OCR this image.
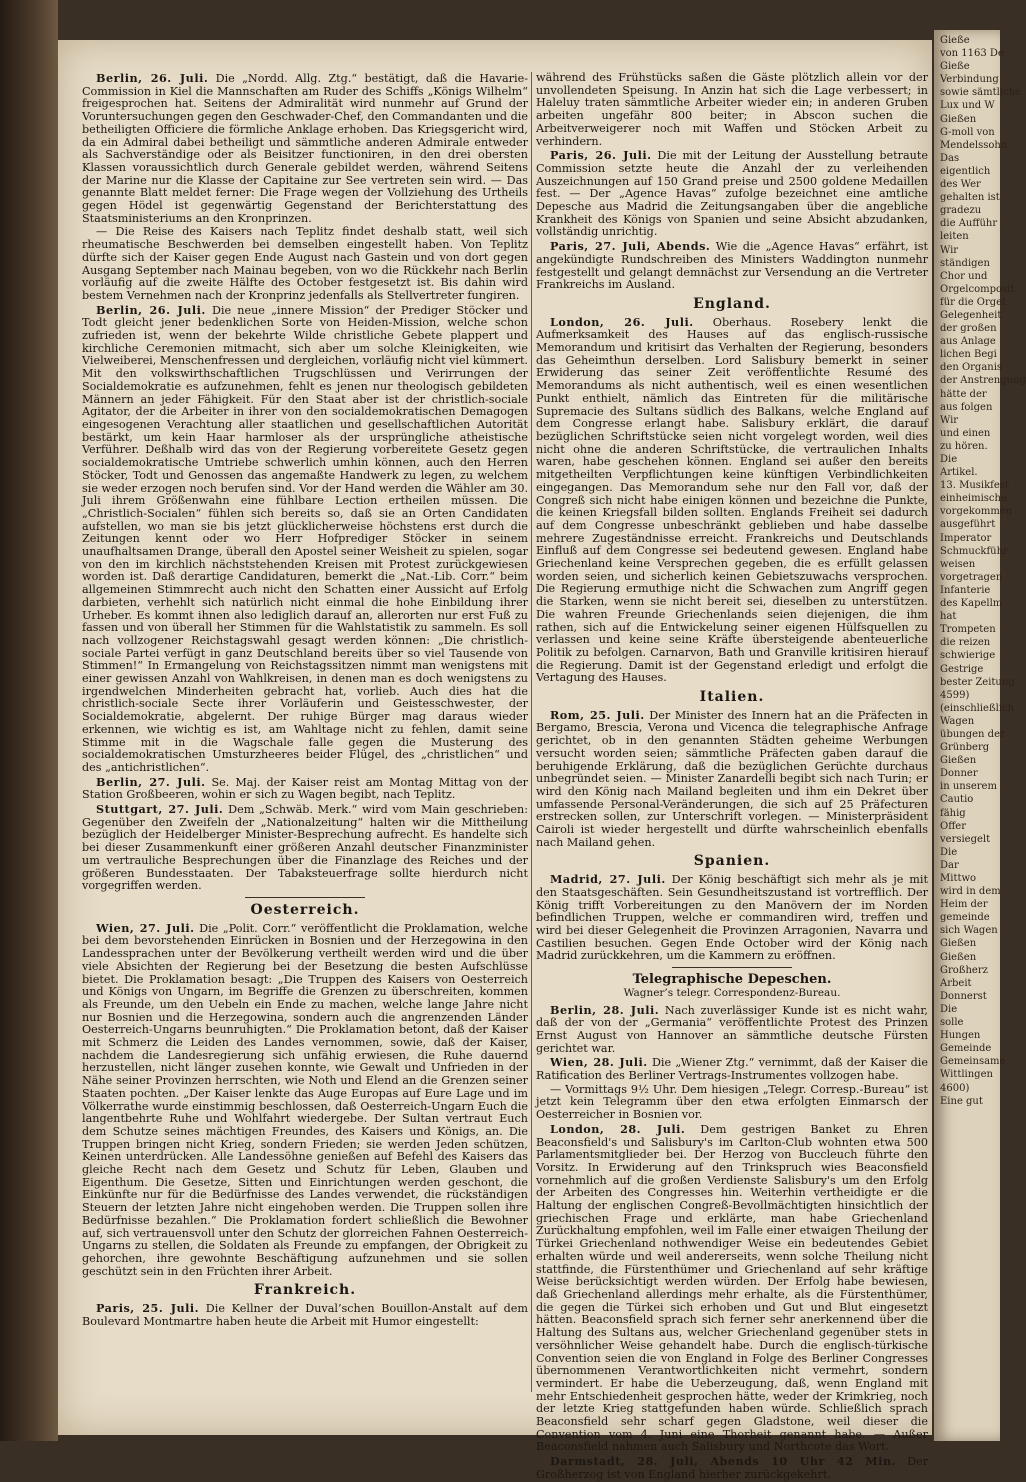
Berlin, 26. Juli. Die „Nordd. Allg. Ztg.“ bestätigt, daß die Havarie-Commission in Kiel die Mannschaften am Ruder des Schiffs „Königs Wilhelm“ freigesprochen hat. Seitens der Admiralität wird nunmehr auf Grund der Voruntersuchungen gegen den Geschwader-Chef, den Commandanten und die betheiligten Officiere die förmliche Anklage erhoben. Das Kriegsgericht wird, da ein Admiral dabei betheiligt und sämmtliche anderen Admirale entweder als Sachverständige oder als Beisitzer functioniren, in den drei obersten Klassen voraussichtlich durch Generale gebildet werden, während Seitens der Marine nur die Klasse der Capitaine zur See vertreten sein wird. — Das genannte Blatt meldet ferner: Die Frage wegen der Vollziehung des Urtheils gegen Hödel ist gegenwärtig Gegenstand der Berichterstattung des Staatsministeriums an den Kronprinzen.

— Die Reise des Kaisers nach Teplitz findet deshalb statt, weil sich rheumatische Beschwerden bei demselben eingestellt haben. Von Teplitz dürfte sich der Kaiser gegen Ende August nach Gastein und von dort gegen Ausgang September nach Mainau begeben, von wo die Rückkehr nach Berlin vorläufig auf die zweite Hälfte des October festgesetzt ist. Bis dahin wird bestem Vernehmen nach der Kronprinz jedenfalls als Stellvertreter fungiren.

Berlin, 26. Juli. Die neue „innere Mission“ der Prediger Stöcker und Todt gleicht jener bedenklichen Sorte von Heiden-Mission, welche schon zufrieden ist, wenn der bekehrte Wilde christliche Gebete plappert und kirchliche Ceremonien mitmacht, sich aber um solche Kleinigkeiten, wie Vielweiberei, Menschenfressen und dergleichen, vorläufig nicht viel kümmert. Mit den volkswirthschaftlichen Trugschlüssen und Verirrungen der Socialdemokratie es aufzunehmen, fehlt es jenen nur theologisch gebildeten Männern an jeder Fähigkeit. Für den Staat aber ist der christlich-sociale Agitator, der die Arbeiter in ihrer von den socialdemokratischen Demagogen eingesogenen Verachtung aller staatlichen und gesellschaftlichen Autorität bestärkt, um kein Haar harmloser als der ursprüngliche atheistische Verführer. Deßhalb wird das von der Regierung vorbereitete Gesetz gegen socialdemokratische Umtriebe schwerlich umhin können, auch den Herren Stöcker, Todt und Genossen das angemaßte Handwerk zu legen, zu welchem sie weder erzogen noch berufen sind. Vor der Hand werden die Wähler am 30. Juli ihrem Größenwahn eine fühlbare Lection ertheilen müssen. Die „Christlich-Socialen“ fühlen sich bereits so, daß sie an Orten Candidaten aufstellen, wo man sie bis jetzt glücklicherweise höchstens erst durch die Zeitungen kennt oder wo Herr Hofprediger Stöcker in seinem unaufhaltsamen Drange, überall den Apostel seiner Weisheit zu spielen, sogar von den im kirchlich nächststehenden Kreisen mit Protest zurückgewiesen worden ist. Daß derartige Candidaturen, bemerkt die „Nat.-Lib. Corr.“ beim allgemeinen Stimmrecht auch nicht den Schatten einer Aussicht auf Erfolg darbieten, verhehlt sich natürlich nicht einmal die hohe Einbildung ihrer Urheber. Es kommt ihnen also lediglich darauf an, allerorten nur erst Fuß zu fassen und von überall her Stimmen für die Wahlstatistik zu sammeln. Es soll nach vollzogener Reichstagswahl gesagt werden können: „Die christlich-sociale Partei verfügt in ganz Deutschland bereits über so viel Tausende von Stimmen!“ In Ermangelung von Reichstagssitzen nimmt man wenigstens mit einer gewissen Anzahl von Wahlkreisen, in denen man es doch wenigstens zu irgendwelchen Minderheiten gebracht hat, vorlieb. Auch dies hat die christlich-sociale Secte ihrer Vorläuferin und Geistesschwester, der Socialdemokratie, abgelernt. Der ruhige Bürger mag daraus wieder erkennen, wie wichtig es ist, am Wahltage nicht zu fehlen, damit seine Stimme mit in die Wagschale falle gegen die Musterung des socialdemokratischen Umsturzheeres beider Flügel, des „christlichen“ und des „antichristlichen“.

Berlin, 27. Juli. Se. Maj. der Kaiser reist am Montag Mittag von der Station Großbeeren, wohin er sich zu Wagen begibt, nach Teplitz.

Stuttgart, 27. Juli. Dem „Schwäb. Merk.“ wird vom Main geschrieben: Gegenüber den Zweifeln der „Nationalzeitung“ halten wir die Mittheilung bezüglich der Heidelberger Minister-Besprechung aufrecht. Es handelte sich bei dieser Zusammenkunft einer größeren Anzahl deutscher Finanzminister um vertrauliche Besprechungen über die Finanzlage des Reiches und der größeren Bundesstaaten. Der Tabaksteuerfrage sollte hierdurch nicht vorgegriffen werden.

Oesterreich.

Wien, 27. Juli. Die „Polit. Corr.“ veröffentlicht die Proklamation, welche bei dem bevorstehenden Einrücken in Bosnien und der Herzegowina in den Landessprachen unter der Bevölkerung vertheilt werden wird und die über viele Absichten der Regierung bei der Besetzung die besten Aufschlüsse bietet. Die Proklamation besagt: „Die Truppen des Kaisers von Oesterreich und Königs von Ungarn, im Begriffe die Grenzen zu überschreiten, kommen als Freunde, um den Uebeln ein Ende zu machen, welche lange Jahre nicht nur Bosnien und die Herzegowina, sondern auch die angrenzenden Länder Oesterreich-Ungarns beunruhigten.“ Die Proklamation betont, daß der Kaiser mit Schmerz die Leiden des Landes vernommen, sowie, daß der Kaiser, nachdem die Landesregierung sich unfähig erwiesen, die Ruhe dauernd herzustellen, nicht länger zusehen konnte, wie Gewalt und Unfrieden in der Nähe seiner Provinzen herrschten, wie Noth und Elend an die Grenzen seiner Staaten pochten. „Der Kaiser lenkte das Auge Europas auf Eure Lage und im Völkerrathe wurde einstimmig beschlossen, daß Oesterreich-Ungarn Euch die langentbehrte Ruhe und Wohlfahrt wiedergebe. Der Sultan vertraut Euch dem Schutze seines mächtigen Freundes, des Kaisers und Königs, an. Die Truppen bringen nicht Krieg, sondern Frieden; sie werden Jeden schützen, Keinen unterdrücken. Alle Landessöhne genießen auf Befehl des Kaisers das gleiche Recht nach dem Gesetz und Schutz für Leben, Glauben und Eigenthum. Die Gesetze, Sitten und Einrichtungen werden geschont, die Einkünfte nur für die Bedürfnisse des Landes verwendet, die rückständigen Steuern der letzten Jahre nicht eingehoben werden. Die Truppen sollen ihre Bedürfnisse bezahlen.“ Die Proklamation fordert schließlich die Bewohner auf, sich vertrauensvoll unter den Schutz der glorreichen Fahnen Oesterreich-Ungarns zu stellen, die Soldaten als Freunde zu empfangen, der Obrigkeit zu gehorchen, ihre gewohnte Beschäftigung aufzunehmen und sie sollen geschützt sein in den Früchten ihrer Arbeit.

Frankreich.

Paris, 25. Juli. Die Kellner der Duval’schen Bouillon-Anstalt auf dem Boulevard Montmartre haben heute die Arbeit mit Humor eingestellt:

während des Frühstücks saßen die Gäste plötzlich allein vor der unvollendeten Speisung. In Anzin hat sich die Lage verbessert; in Haleluy traten sämmtliche Arbeiter wieder ein; in anderen Gruben arbeiten ungefähr 800 beiter; in Abscon suchen die Arbeitverweigerer noch mit Waffen und Stöcken Arbeit zu verhindern.

Paris, 26. Juli. Die mit der Leitung der Ausstellung betraute Commission setzte heute die Anzahl der zu verleihenden Auszeichnungen auf 150 Grand preise und 2500 goldene Medaillen fest. — Der „Agence Havas“ zufolge bezeichnet eine amtliche Depesche aus Madrid die Zeitungsangaben über die angebliche Krankheit des Königs von Spanien und seine Absicht abzudanken, vollständig unrichtig.

Paris, 27. Juli, Abends. Wie die „Agence Havas“ erfährt, ist angekündigte Rundschreiben des Ministers Waddington nunmehr festgestellt und gelangt demnächst zur Versendung an die Vertreter Frankreichs im Ausland.

England.

London, 26. Juli. Oberhaus. Rosebery lenkt die Aufmerksamkeit des Hauses auf das englisch-russische Memorandum und kritisirt das Verhalten der Regierung, besonders das Geheimthun derselben. Lord Salisbury bemerkt in seiner Erwiderung das seiner Zeit veröffentlichte Resumé des Memorandums als nicht authentisch, weil es einen wesentlichen Punkt enthielt, nämlich das Eintreten für die militärische Supremacie des Sultans südlich des Balkans, welche England auf dem Congresse erlangt habe. Salisbury erklärt, die darauf bezüglichen Schriftstücke seien nicht vorgelegt worden, weil dies nicht ohne die anderen Schriftstücke, die vertraulichen Inhalts waren, habe geschehen können. England sei außer den bereits mitgetheilten Verpflichtungen keine künftigen Verbindlichkeiten eingegangen. Das Memorandum sehe nur den Fall vor, daß der Congreß sich nicht habe einigen können und bezeichne die Punkte, die keinen Kriegsfall bilden sollten. Englands Freiheit sei dadurch auf dem Congresse unbeschränkt geblieben und habe dasselbe mehrere Zugeständnisse erreicht. Frankreichs und Deutschlands Einfluß auf dem Congresse sei bedeutend gewesen. England habe Griechenland keine Versprechen gegeben, die es erfüllt gelassen worden seien, und sicherlich keinen Gebietszuwachs versprochen. Die Regierung ermuthige nicht die Schwachen zum Angriff gegen die Starken, wenn sie nicht bereit sei, dieselben zu unterstützen. Die wahren Freunde Griechenlands seien diejenigen, die ihm rathen, sich auf die Entwickelung seiner eigenen Hülfsquellen zu verlassen und keine seine Kräfte übersteigende abenteuerliche Politik zu befolgen. Carnarvon, Bath und Granville kritisiren hierauf die Regierung. Damit ist der Gegenstand erledigt und erfolgt die Vertagung des Hauses.

Italien.

Rom, 25. Juli. Der Minister des Innern hat an die Präfecten in Bergamo, Brescia, Verona und Vicenca die telegraphische Anfrage gerichtet, ob in den genannten Städten geheime Werbungen versucht worden seien; sämmtliche Präfecten gaben darauf die beruhigende Erklärung, daß die bezüglichen Gerüchte durchaus unbegründet seien. — Minister Zanardelli begibt sich nach Turin; er wird den König nach Mailand begleiten und ihm ein Dekret über umfassende Personal-Veränderungen, die sich auf 25 Präfecturen erstrecken sollen, zur Unterschrift vorlegen. — Ministerpräsident Cairoli ist wieder hergestellt und dürfte wahrscheinlich ebenfalls nach Mailand gehen.

Spanien.

Madrid, 27. Juli. Der König beschäftigt sich mehr als je mit den Staatsgeschäften. Sein Gesundheitszustand ist vortrefflich. Der König trifft Vorbereitungen zu den Manövern der im Norden befindlichen Truppen, welche er commandiren wird, treffen und wird bei dieser Gelegenheit die Provinzen Arragonien, Navarra und Castilien besuchen. Gegen Ende October wird der König nach Madrid zurückkehren, um die Kammern zu eröffnen.

Telegraphische Depeschen.
Wagner’s telegr. Correspondenz-Bureau.

Berlin, 28. Juli. Nach zuverlässiger Kunde ist es nicht wahr, daß der von der „Germania“ veröffentlichte Protest des Prinzen Ernst August von Hannover an sämmtliche deutsche Fürsten gerichtet war.

Wien, 28. Juli. Die „Wiener Ztg.“ vernimmt, daß der Kaiser die Ratification des Berliner Vertrags-Instrumentes vollzogen habe.

— Vormittags 9½ Uhr. Dem hiesigen „Telegr. Corresp.-Bureau“ ist jetzt kein Telegramm über den etwa erfolgten Einmarsch der Oesterreicher in Bosnien vor.

London, 28. Juli. Dem gestrigen Banket zu Ehren Beaconsfield's und Salisbury's im Carlton-Club wohnten etwa 500 Parlamentsmitglieder bei. Der Herzog von Buccleuch führte den Vorsitz. In Erwiderung auf den Trinkspruch wies Beaconsfield vornehmlich auf die großen Verdienste Salisbury's um den Erfolg der Arbeiten des Congresses hin. Weiterhin vertheidigte er die Haltung der englischen Congreß-Bevollmächtigten hinsichtlich der griechischen Frage und erklärte, man habe Griechenland Zurückhaltung empfohlen, weil im Falle einer etwaigen Theilung der Türkei Griechenland nothwendiger Weise ein bedeutendes Gebiet erhalten würde und weil andererseits, wenn solche Theilung nicht stattfinde, die Fürstenthümer und Griechenland auf sehr kräftige Weise berücksichtigt werden würden. Der Erfolg habe bewiesen, daß Griechenland allerdings mehr erhalte, als die Fürstenthümer, die gegen die Türkei sich erhoben und Gut und Blut eingesetzt hätten. Beaconsfield sprach sich ferner sehr anerkennend über die Haltung des Sultans aus, welcher Griechenland gegenüber stets in versöhnlicher Weise gehandelt habe. Durch die englisch-türkische Convention seien die von England in Folge des Berliner Congresses übernommenen Verantwortlichkeiten nicht vermehrt, sondern vermindert. Er habe die Ueberzeugung, daß, wenn England mit mehr Entschiedenheit gesprochen hätte, weder der Krimkrieg, noch der letzte Krieg stattgefunden haben würde. Schließlich sprach Beaconsfield sehr scharf gegen Gladstone, weil dieser die Convention vom 4. Juni eine Thorheit genannt habe. — Außer Beaconsfield nahmen auch Salisbury und Northcote das Wort.

Darmstadt, 28. Juli, Abends 10 Uhr 42 Min. Der Großherzog ist von England hierher zurückgekehrt.

Gieße
von 1163 De
Gieße
Verbindung
sowie sämtliche
Lux und W
Gießen
G-moll von
Mendelssohn
Das
eigentlich
des Wer
gehalten ist
gradezu
die Aufführ
leiten
Wir
ständigen
Chor und
Orgelcomposit
für die Orgel
Gelegenheit
der großen
aus Anlage
lichen Begi
den Organis
der Anstrengung
hätte der
aus folgen
Wir
und einen
zu hören.
Die
Artikel.
13. Musikfest
einheimische
vorgekommen
ausgeführt
Imperator
Schmuckführ
weisen
vorgetragen
Infanterie
des Kapellm
hat
Trompeten
die reizen
schwierige
Gestrige
bester Zeitung
4599)
(einschließlich
Wagen
übungen der
Grünberg
Gießen
Donner
in unserem
Cautio
fähig
Offer
versiegelt
Die
Dar
Mittwo
wird in dem
Heim der
gemeinde
sich Wagen
Gießen
Gießen
Großherz
Arbeit
Donnerst
Die
solle
Hungen
Gemeinde
Gemeinsame
Wittlingen
4600)
Eine gut
